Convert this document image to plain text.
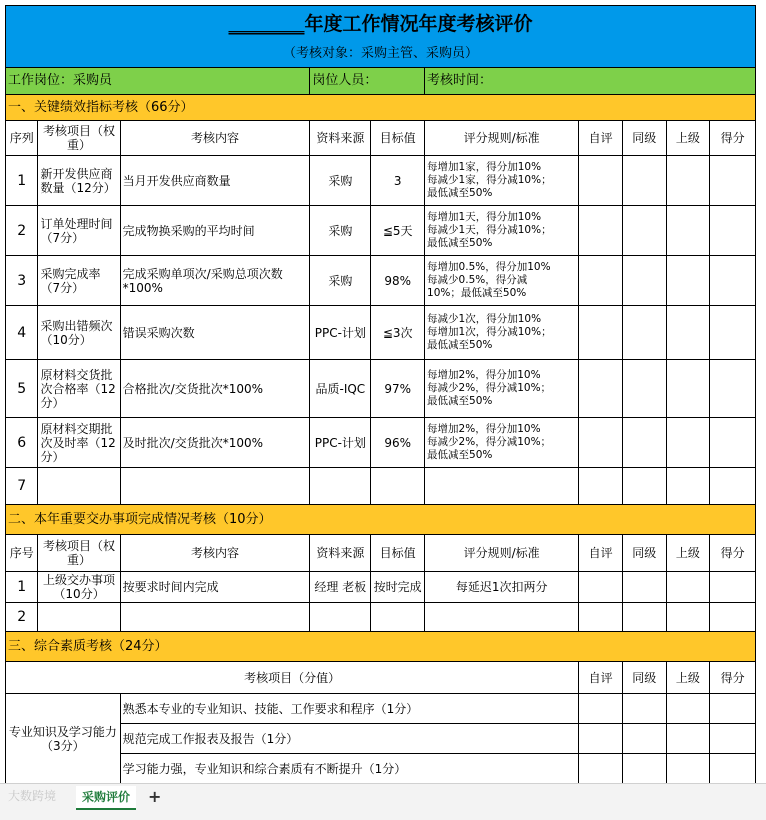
________年度工作情况年度考核评价									
（考核对象：采购主管、采购员）									
工作岗位：采购员			岗位人员：		考核时间：				
一、关键绩效指标考核（66分）									
序列	考核项目（权重）	考核内容	资料来源	目标值	评分规则/标准	自评	同级	上级	得分
1	新开发供应商数量（12分）	当月开发供应商数量	采购	3	每增加1家，得分加10%
每减少1家，得分减10%；
最低减至50%				
2	订单处理时间（7分）	完成物换采购的平均时间	采购	≦5天	每增加1天，得分加10%
每减少1天，得分减10%；
最低减至50%				
3	采购完成率（7分）	完成采购单项次/采购总项次数*100%	采购	98%	每增加0.5%，得分加10%
每减少0.5%，得分减
10%；最低减至50%				
4	采购出错频次（10分）	错误采购次数	PPC-计划	≦3次	每减少1次，得分加10%
每增加1次，得分减10%；
最低减至50%				
5	原材料交货批次合格率（12分）	合格批次/交货批次*100%	品质-IQC	97%	每增加2%，得分加10%
每减少2%，得分减10%；
最低减至50%				
6	原材料交期批次及时率（12分）	及时批次/交货批次*100%	PPC-计划	96%	每增加2%，得分加10%
每减少2%，得分减10%；
最低减至50%				
7									
二、本年重要交办事项完成情况考核（10分）									
序号	考核项目（权重）	考核内容	资料来源	目标值	评分规则/标准	自评	同级	上级	得分
1	上级交办事项（10分）	按要求时间内完成	经理 老板	按时完成	每延迟1次扣两分				
2									
三、综合素质考核（24分）									
考核项目（分值）						自评	同级	上级	得分
专业知识及学习能力（3分）		熟悉本专业的专业知识、技能、工作要求和程序（1分）							
		规范完成工作报表及报告（1分）							
		学习能力强，专业知识和综合素质有不断提升（1分）							
采购评价	+
大数跨境
